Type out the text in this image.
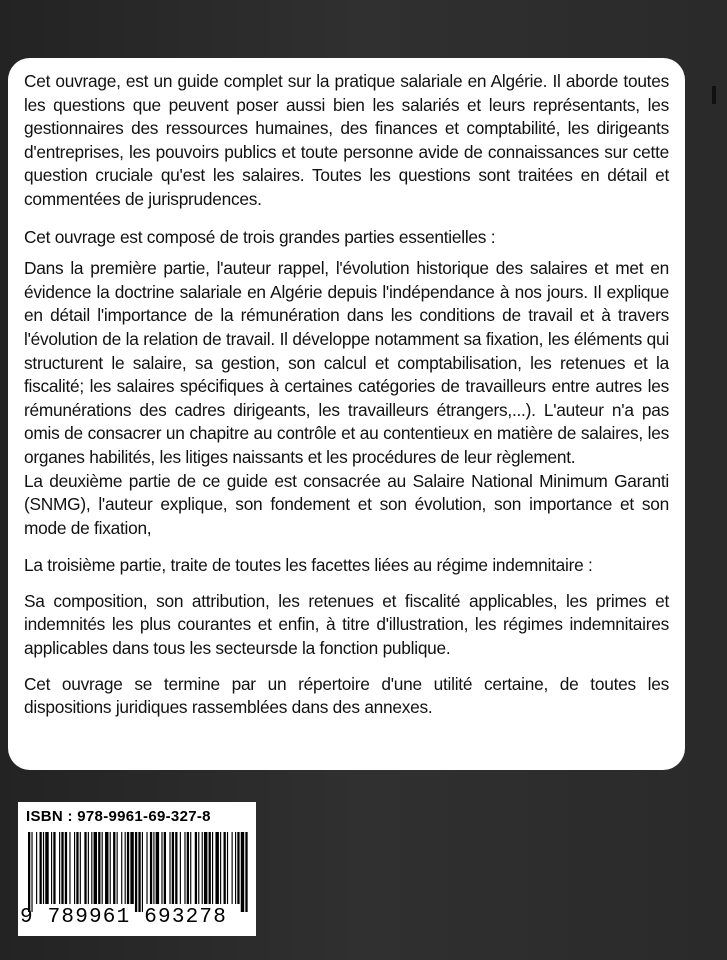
Cet ouvrage, est un guide complet sur la pratique salariale en Algérie. Il aborde toutes les questions que peuvent poser aussi bien les salariés et leurs représentants, les gestionnaires des ressources humaines, des finances et comptabilité, les dirigeants d'entreprises, les pouvoirs publics et toute personne avide de connaissances sur cette question cruciale qu'est les salaires. Toutes les questions sont traitées en détail et commentées de jurisprudences.

Cet ouvrage est composé de trois grandes parties essentielles :

Dans la première partie, l'auteur rappel, l'évolution historique des salaires et met en évidence la doctrine salariale en Algérie depuis l'indépendance à nos jours. Il explique en détail l'importance de la rémunération dans les conditions de travail et à travers l'évolution de la relation de travail. Il développe notamment sa fixation, les éléments qui structurent le salaire, sa gestion, son calcul et comptabilisation, les retenues et la fiscalité; les salaires spécifiques à certaines catégories de travailleurs entre autres les rémunérations des cadres dirigeants, les travailleurs étrangers,...). L'auteur n'a pas omis de consacrer un chapitre au contrôle et au contentieux en matière de salaires, les organes habilités, les litiges naissants et les procédures de leur règlement.

La deuxième partie de ce guide est consacrée au Salaire National Minimum Garanti (SNMG), l'auteur explique, son fondement et son évolution, son importance et son mode de fixation,

La troisième partie, traite de toutes les facettes liées au régime indemnitaire :

Sa composition, son attribution, les retenues et fiscalité applicables, les primes et indemnités les plus courantes et enfin, à titre d'illustration, les régimes indemnitaires applicables dans tous les secteursde la fonction publique.

Cet ouvrage se termine par un répertoire d'une utilité certaine, de toutes les dispositions juridiques rassemblées dans des annexes.

ISBN : 978-9961-69-327-8
9 789961 693278
